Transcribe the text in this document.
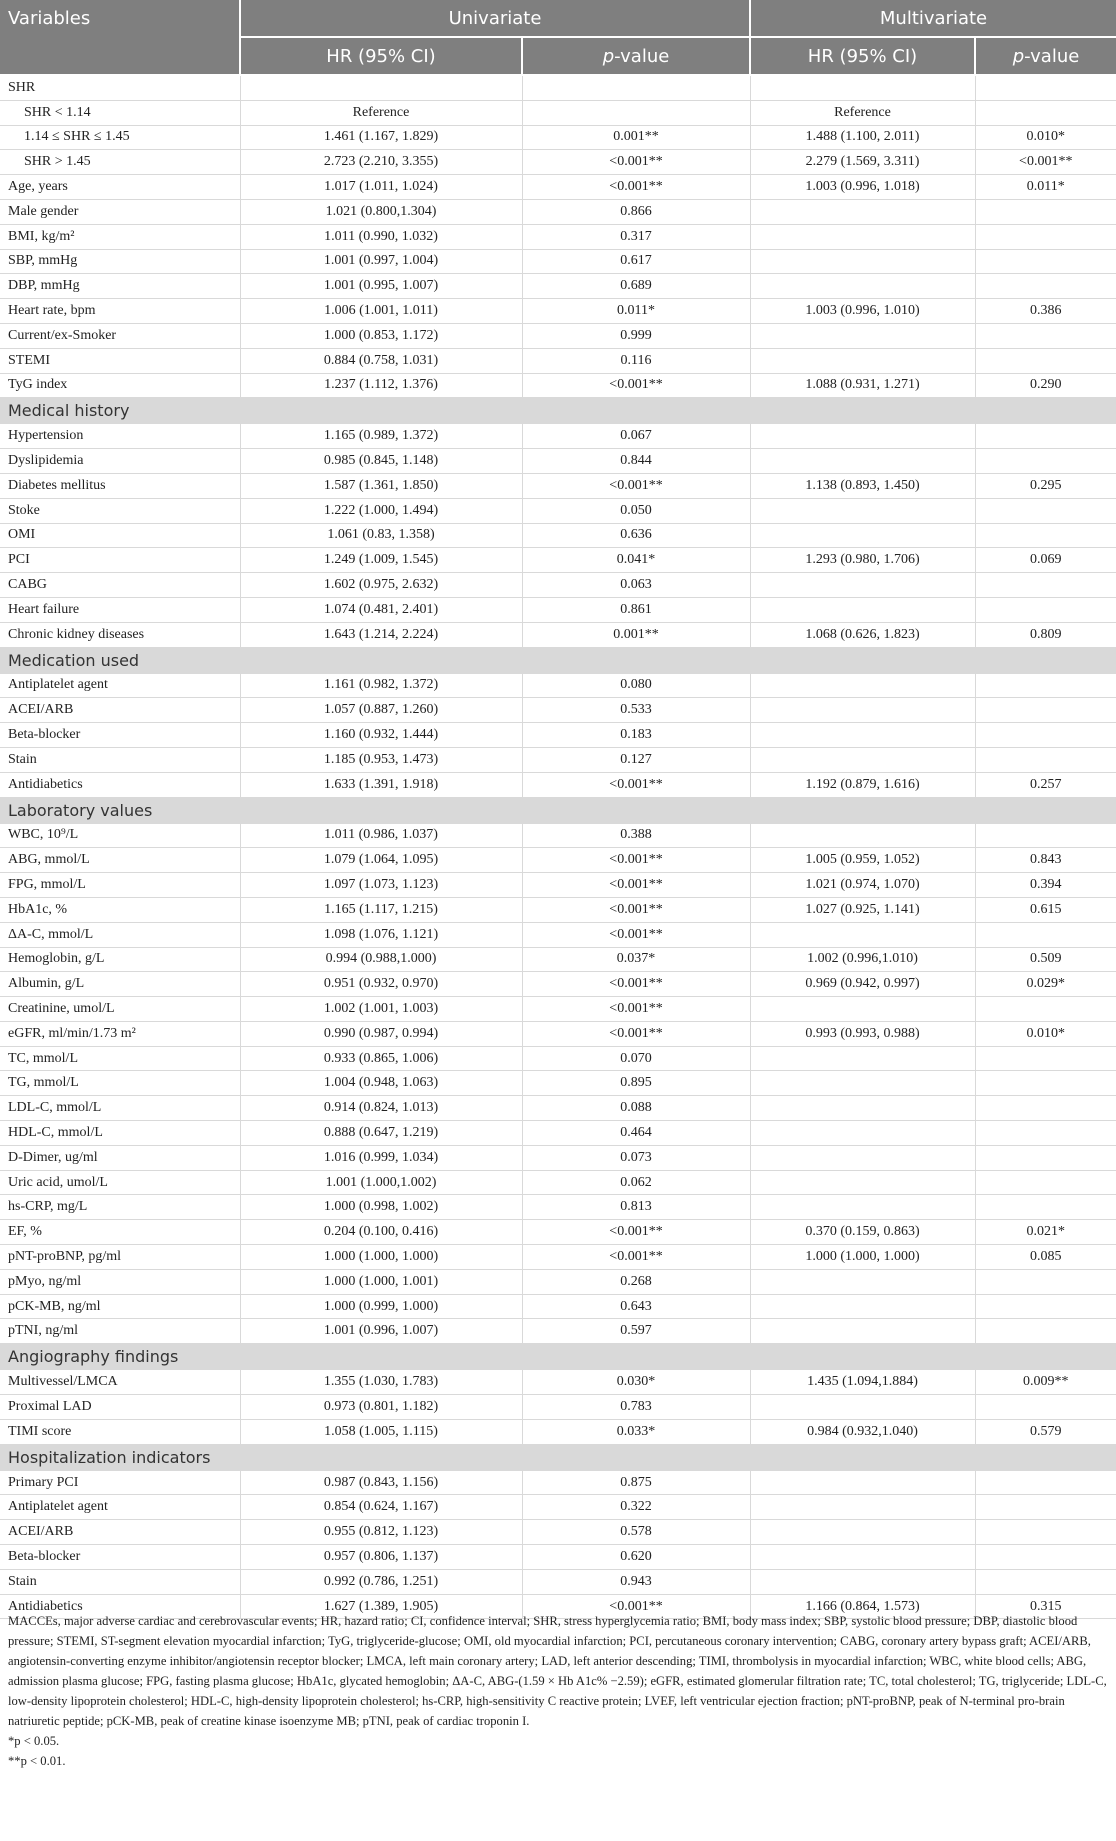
Variables	Univariate		Multivariate	
	HR (95% CI)	p-value	HR (95% CI)	p-value
SHR				
SHR < 1.14	Reference		Reference	
1.14 ≤ SHR ≤ 1.45	1.461 (1.167, 1.829)	0.001**	1.488 (1.100, 2.011)	0.010*
SHR > 1.45	2.723 (2.210, 3.355)	<0.001**	2.279 (1.569, 3.311)	<0.001**
Age, years	1.017 (1.011, 1.024)	<0.001**	1.003 (0.996, 1.018)	0.011*
Male gender	1.021 (0.800,1.304)	0.866		
BMI, kg/m²	1.011 (0.990, 1.032)	0.317		
SBP, mmHg	1.001 (0.997, 1.004)	0.617		
DBP, mmHg	1.001 (0.995, 1.007)	0.689		
Heart rate, bpm	1.006 (1.001, 1.011)	0.011*	1.003 (0.996, 1.010)	0.386
Current/ex-Smoker	1.000 (0.853, 1.172)	0.999		
STEMI	0.884 (0.758, 1.031)	0.116		
TyG index	1.237 (1.112, 1.376)	<0.001**	1.088 (0.931, 1.271)	0.290
Medical history				
Hypertension	1.165 (0.989, 1.372)	0.067		
Dyslipidemia	0.985 (0.845, 1.148)	0.844		
Diabetes mellitus	1.587 (1.361, 1.850)	<0.001**	1.138 (0.893, 1.450)	0.295
Stoke	1.222 (1.000, 1.494)	0.050		
OMI	1.061 (0.83, 1.358)	0.636		
PCI	1.249 (1.009, 1.545)	0.041*	1.293 (0.980, 1.706)	0.069
CABG	1.602 (0.975, 2.632)	0.063		
Heart failure	1.074 (0.481, 2.401)	0.861		
Chronic kidney diseases	1.643 (1.214, 2.224)	0.001**	1.068 (0.626, 1.823)	0.809
Medication used				
Antiplatelet agent	1.161 (0.982, 1.372)	0.080		
ACEI/ARB	1.057 (0.887, 1.260)	0.533		
Beta-blocker	1.160 (0.932, 1.444)	0.183		
Stain	1.185 (0.953, 1.473)	0.127		
Antidiabetics	1.633 (1.391, 1.918)	<0.001**	1.192 (0.879, 1.616)	0.257
Laboratory values				
WBC, 10⁹/L	1.011 (0.986, 1.037)	0.388		
ABG, mmol/L	1.079 (1.064, 1.095)	<0.001**	1.005 (0.959, 1.052)	0.843
FPG, mmol/L	1.097 (1.073, 1.123)	<0.001**	1.021 (0.974, 1.070)	0.394
HbA1c, %	1.165 (1.117, 1.215)	<0.001**	1.027 (0.925, 1.141)	0.615
ΔA-C, mmol/L	1.098 (1.076, 1.121)	<0.001**		
Hemoglobin, g/L	0.994 (0.988,1.000)	0.037*	1.002 (0.996,1.010)	0.509
Albumin, g/L	0.951 (0.932, 0.970)	<0.001**	0.969 (0.942, 0.997)	0.029*
Creatinine, umol/L	1.002 (1.001, 1.003)	<0.001**		
eGFR, ml/min/1.73 m²	0.990 (0.987, 0.994)	<0.001**	0.993 (0.993, 0.988)	0.010*
TC, mmol/L	0.933 (0.865, 1.006)	0.070		
TG, mmol/L	1.004 (0.948, 1.063)	0.895		
LDL-C, mmol/L	0.914 (0.824, 1.013)	0.088		
HDL-C, mmol/L	0.888 (0.647, 1.219)	0.464		
D-Dimer, ug/ml	1.016 (0.999, 1.034)	0.073		
Uric acid, umol/L	1.001 (1.000,1.002)	0.062		
hs-CRP, mg/L	1.000 (0.998, 1.002)	0.813		
EF, %	0.204 (0.100, 0.416)	<0.001**	0.370 (0.159, 0.863)	0.021*
pNT-proBNP, pg/ml	1.000 (1.000, 1.000)	<0.001**	1.000 (1.000, 1.000)	0.085
pMyo, ng/ml	1.000 (1.000, 1.001)	0.268		
pCK-MB, ng/ml	1.000 (0.999, 1.000)	0.643		
pTNI, ng/ml	1.001 (0.996, 1.007)	0.597		
Angiography findings				
Multivessel/LMCA	1.355 (1.030, 1.783)	0.030*	1.435 (1.094,1.884)	0.009**
Proximal LAD	0.973 (0.801, 1.182)	0.783		
TIMI score	1.058 (1.005, 1.115)	0.033*	0.984 (0.932,1.040)	0.579
Hospitalization indicators				
Primary PCI	0.987 (0.843, 1.156)	0.875		
Antiplatelet agent	0.854 (0.624, 1.167)	0.322		
ACEI/ARB	0.955 (0.812, 1.123)	0.578		
Beta-blocker	0.957 (0.806, 1.137)	0.620		
Stain	0.992 (0.786, 1.251)	0.943		
Antidiabetics	1.627 (1.389, 1.905)	<0.001**	1.166 (0.864, 1.573)	0.315

MACCEs, major adverse cardiac and cerebrovascular events; HR, hazard ratio; CI, confidence interval; SHR, stress hyperglycemia ratio; BMI, body mass index; SBP, systolic blood pressure; DBP, diastolic blood pressure; STEMI, ST-segment elevation myocardial infarction; TyG, triglyceride-glucose; OMI, old myocardial infarction; PCI, percutaneous coronary intervention; CABG, coronary artery bypass graft; ACEI/ARB, angiotensin-converting enzyme inhibitor/angiotensin receptor blocker; LMCA, left main coronary artery; LAD, left anterior descending; TIMI, thrombolysis in myocardial infarction; WBC, white blood cells; ABG, admission plasma glucose; FPG, fasting plasma glucose; HbA1c, glycated hemoglobin; ΔA-C, ABG-(1.59 × Hb A1c% −2.59); eGFR, estimated glomerular filtration rate; TC, total cholesterol; TG, triglyceride; LDL-C, low-density lipoprotein cholesterol; HDL-C, high-density lipoprotein cholesterol; hs-CRP, high-sensitivity C reactive protein; LVEF, left ventricular ejection fraction; pNT-proBNP, peak of N-terminal pro-brain natriuretic peptide; pCK-MB, peak of creatine kinase isoenzyme MB; pTNI, peak of cardiac troponin I.

*p < 0.05.

**p < 0.01.
